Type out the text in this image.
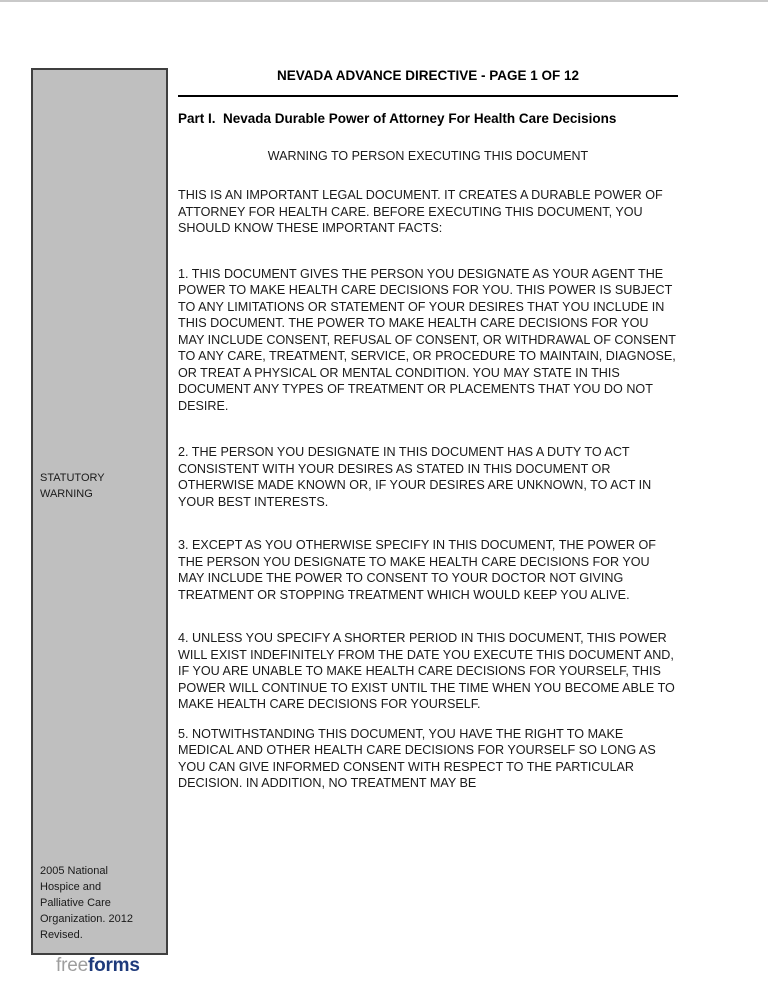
STATUTORY WARNING
2005 National Hospice and Palliative Care Organization. 2012 Revised.
freeforms
NEVADA ADVANCE DIRECTIVE - PAGE 1 OF 12
Part I.  Nevada Durable Power of Attorney For Health Care Decisions
WARNING TO PERSON EXECUTING THIS DOCUMENT

THIS IS AN IMPORTANT LEGAL DOCUMENT. IT CREATES A DURABLE POWER OF ATTORNEY FOR HEALTH CARE. BEFORE EXECUTING THIS DOCUMENT, YOU SHOULD KNOW THESE IMPORTANT FACTS:

1. THIS DOCUMENT GIVES THE PERSON YOU DESIGNATE AS YOUR AGENT THE POWER TO MAKE HEALTH CARE DECISIONS FOR YOU. THIS POWER IS SUBJECT TO ANY LIMITATIONS OR STATEMENT OF YOUR DESIRES THAT YOU INCLUDE IN THIS DOCUMENT. THE POWER TO MAKE HEALTH CARE DECISIONS FOR YOU MAY INCLUDE CONSENT, REFUSAL OF CONSENT, OR WITHDRAWAL OF CONSENT TO ANY CARE, TREATMENT, SERVICE, OR PROCEDURE TO MAINTAIN, DIAGNOSE, OR TREAT A PHYSICAL OR MENTAL CONDITION. YOU MAY STATE IN THIS DOCUMENT ANY TYPES OF TREATMENT OR PLACEMENTS THAT YOU DO NOT DESIRE.

2. THE PERSON YOU DESIGNATE IN THIS DOCUMENT HAS A DUTY TO ACT CONSISTENT WITH YOUR DESIRES AS STATED IN THIS DOCUMENT OR OTHERWISE MADE KNOWN OR, IF YOUR DESIRES ARE UNKNOWN, TO ACT IN YOUR BEST INTERESTS.

3. EXCEPT AS YOU OTHERWISE SPECIFY IN THIS DOCUMENT, THE POWER OF THE PERSON YOU DESIGNATE TO MAKE HEALTH CARE DECISIONS FOR YOU MAY INCLUDE THE POWER TO CONSENT TO YOUR DOCTOR NOT GIVING TREATMENT OR STOPPING TREATMENT WHICH WOULD KEEP YOU ALIVE.

4. UNLESS YOU SPECIFY A SHORTER PERIOD IN THIS DOCUMENT, THIS POWER WILL EXIST INDEFINITELY FROM THE DATE YOU EXECUTE THIS DOCUMENT AND, IF YOU ARE UNABLE TO MAKE HEALTH CARE DECISIONS FOR YOURSELF, THIS POWER WILL CONTINUE TO EXIST UNTIL THE TIME WHEN YOU BECOME ABLE TO MAKE HEALTH CARE DECISIONS FOR YOURSELF.

5. NOTWITHSTANDING THIS DOCUMENT, YOU HAVE THE RIGHT TO MAKE MEDICAL AND OTHER HEALTH CARE DECISIONS FOR YOURSELF SO LONG AS YOU CAN GIVE INFORMED CONSENT WITH RESPECT TO THE PARTICULAR DECISION. IN ADDITION, NO TREATMENT MAY BE
